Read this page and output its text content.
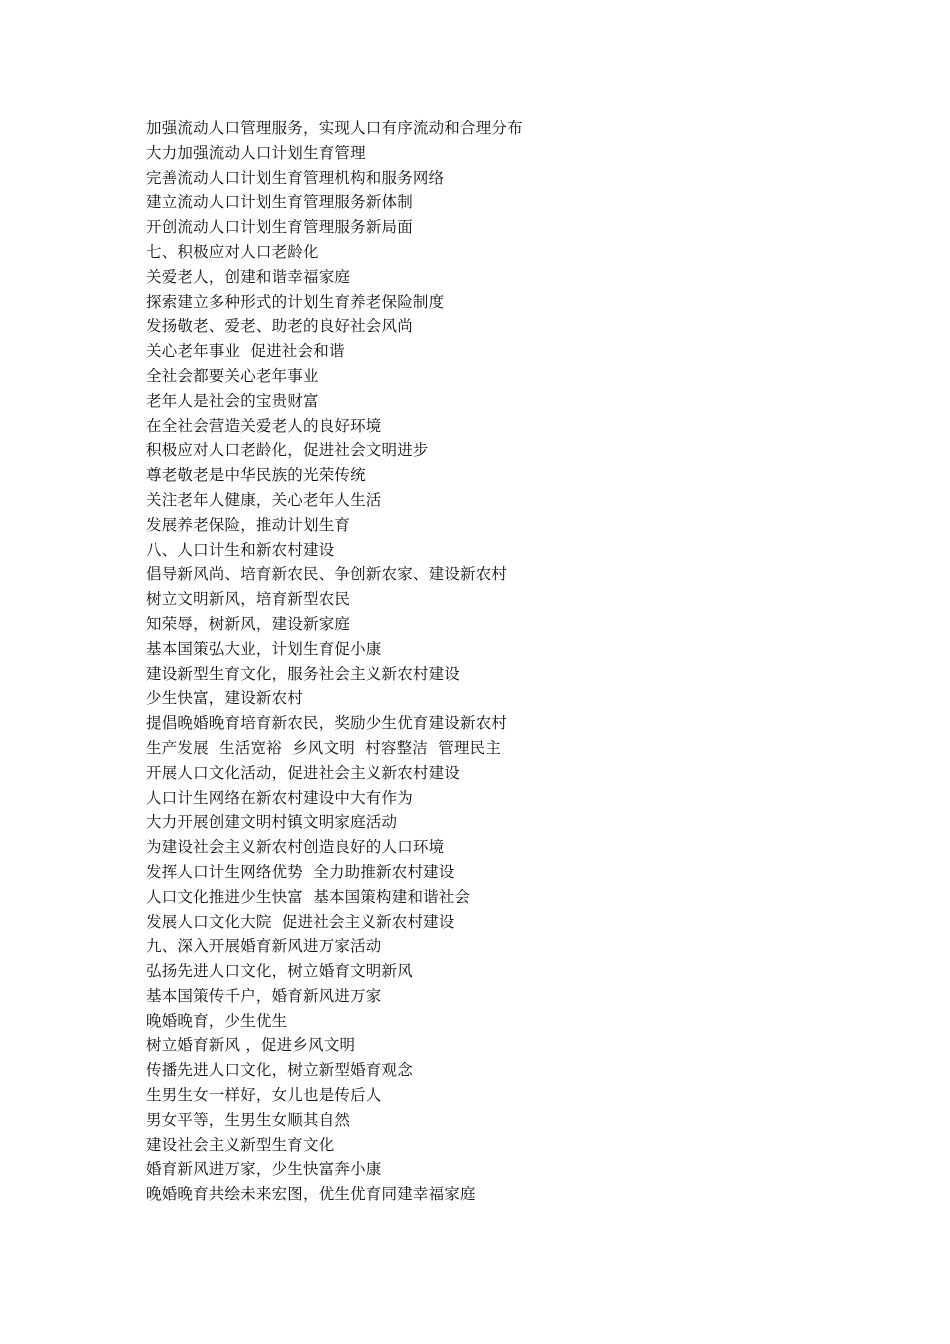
加强流动人口管理服务，实现人口有序流动和合理分布
大力加强流动人口计划生育管理
完善流动人口计划生育管理机构和服务网络
建立流动人口计划生育管理服务新体制
开创流动人口计划生育管理服务新局面
七、积极应对人口老龄化
关爱老人，创建和谐幸福家庭
探索建立多种形式的计划生育养老保险制度
发扬敬老、爱老、助老的良好社会风尚
关心老年事业  促进社会和谐
全社会都要关心老年事业
老年人是社会的宝贵财富
在全社会营造关爱老人的良好环境
积极应对人口老龄化，促进社会文明进步
尊老敬老是中华民族的光荣传统
关注老年人健康，关心老年人生活
发展养老保险，推动计划生育
八、人口计生和新农村建设
倡导新风尚、培育新农民、争创新农家、建设新农村
树立文明新风，培育新型农民
知荣辱，树新风，建设新家庭
基本国策弘大业，计划生育促小康
建设新型生育文化，服务社会主义新农村建设
少生快富，建设新农村
提倡晚婚晚育培育新农民，奖励少生优育建设新农村
生产发展  生活宽裕  乡风文明  村容整洁  管理民主
开展人口文化活动，促进社会主义新农村建设
人口计生网络在新农村建设中大有作为
大力开展创建文明村镇文明家庭活动
为建设社会主义新农村创造良好的人口环境
发挥人口计生网络优势  全力助推新农村建设
人口文化推进少生快富  基本国策构建和谐社会
发展人口文化大院  促进社会主义新农村建设
九、深入开展婚育新风进万家活动
弘扬先进人口文化，树立婚育文明新风
基本国策传千户，婚育新风进万家
晚婚晚育，少生优生
树立婚育新风 ，促进乡风文明
传播先进人口文化，树立新型婚育观念
生男生女一样好，女儿也是传后人
男女平等，生男生女顺其自然
建设社会主义新型生育文化
婚育新风进万家，少生快富奔小康
晚婚晚育共绘未来宏图，优生优育同建幸福家庭
